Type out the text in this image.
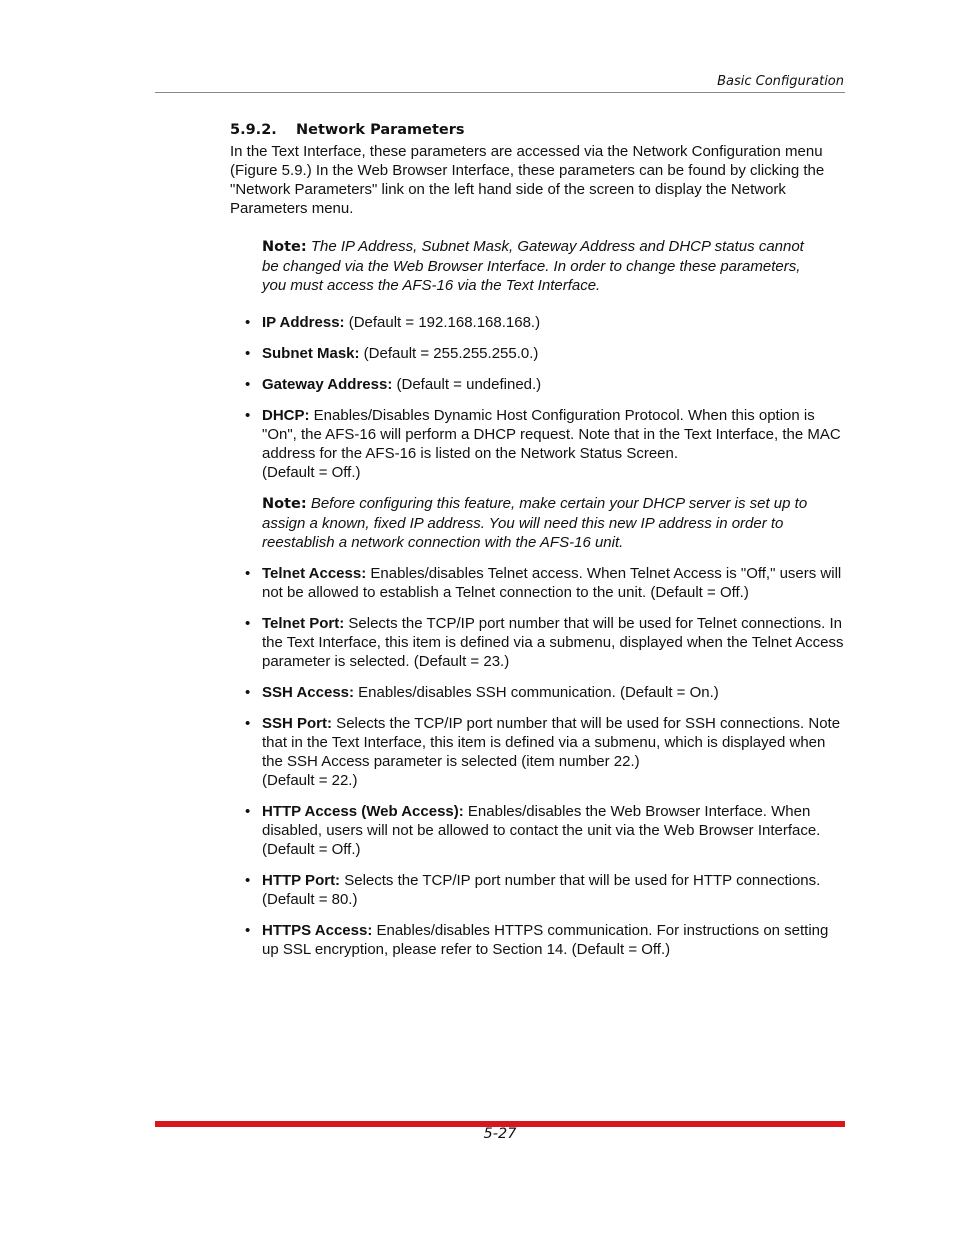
Basic Configuration
5.9.2. Network Parameters

In the Text Interface, these parameters are accessed via the Network Configuration menu (Figure 5.9.) In the Web Browser Interface, these parameters can be found by clicking the "Network Parameters" link on the left hand side of the screen to display the Network Parameters menu.

Note: The IP Address, Subnet Mask, Gateway Address and DHCP status cannot be changed via the Web Browser Interface. In order to change these parameters, you must access the AFS-16 via the Text Interface.
• IP Address: (Default = 192.168.168.168.)
• Subnet Mask: (Default = 255.255.255.0.)
• Gateway Address: (Default = undefined.)
• DHCP: Enables/Disables Dynamic Host Configuration Protocol. When this option is "On", the AFS-16 will perform a DHCP request. Note that in the Text Interface, the MAC address for the AFS-16 is listed on the Network Status Screen.
(Default = Off.)
Note: Before configuring this feature, make certain your DHCP server is set up to assign a known, fixed IP address. You will need this new IP address in order to reestablish a network connection with the AFS-16 unit.
• Telnet Access: Enables/disables Telnet access. When Telnet Access is "Off," users will not be allowed to establish a Telnet connection to the unit. (Default = Off.)
• Telnet Port: Selects the TCP/IP port number that will be used for Telnet connections. In the Text Interface, this item is defined via a submenu, displayed when the Telnet Access parameter is selected. (Default = 23.)
• SSH Access: Enables/disables SSH communication. (Default = On.)
• SSH Port: Selects the TCP/IP port number that will be used for SSH connections. Note that in the Text Interface, this item is defined via a submenu, which is displayed when the SSH Access parameter is selected (item number 22.)
(Default = 22.)
• HTTP Access (Web Access): Enables/disables the Web Browser Interface. When disabled, users will not be allowed to contact the unit via the Web Browser Interface. (Default = Off.)
• HTTP Port: Selects the TCP/IP port number that will be used for HTTP connections. (Default = 80.)
• HTTPS Access: Enables/disables HTTPS communication. For instructions on setting up SSL encryption, please refer to Section 14. (Default = Off.)
5-27
